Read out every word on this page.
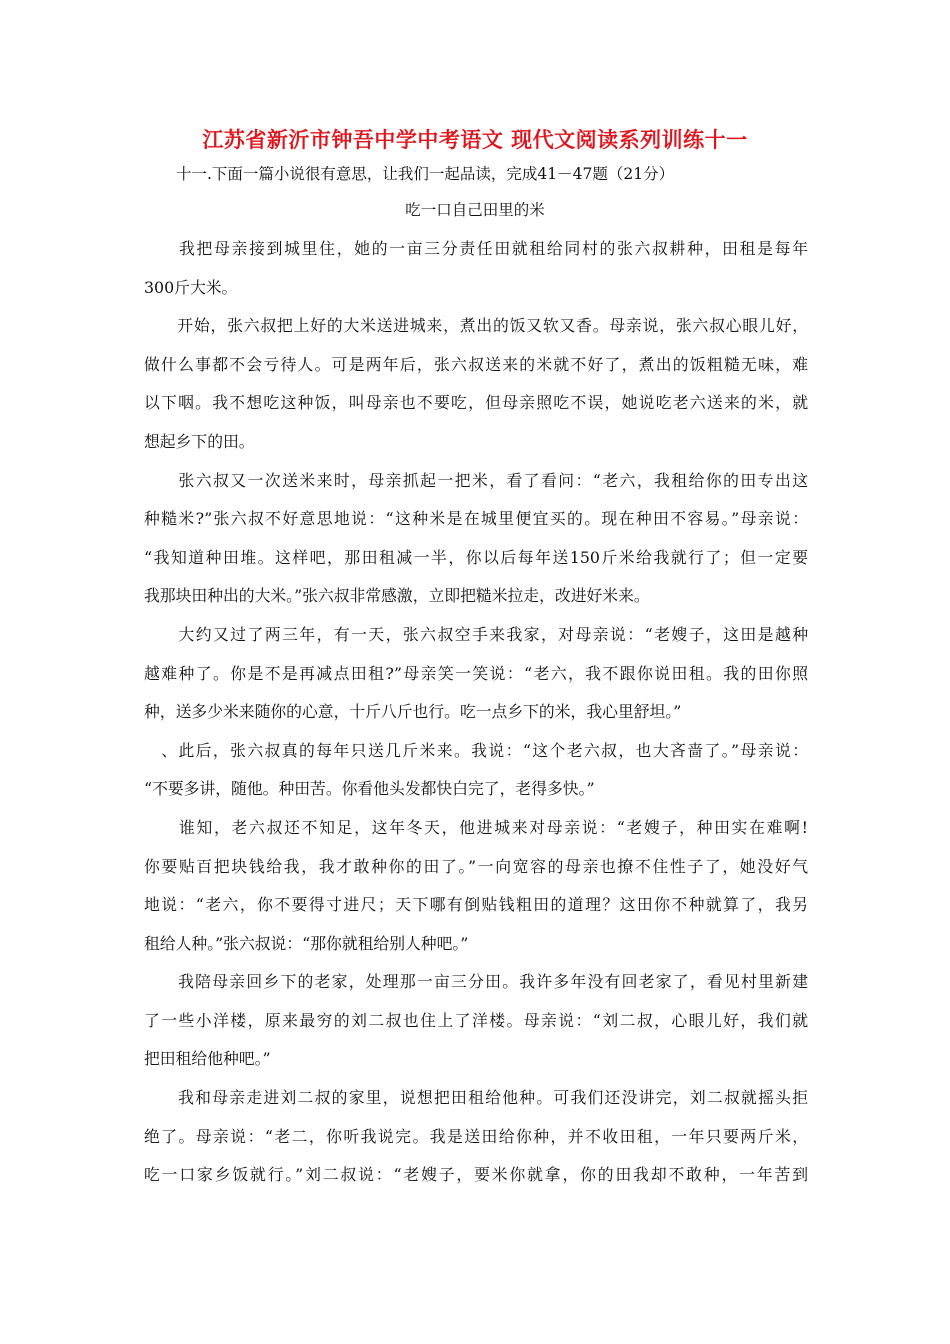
江苏省新沂市钟吾中学中考语文 现代文阅读系列训练十一
十一.下面一篇小说很有意思，让我们一起品读，完成41－47题（21分）
吃一口自己田里的米
　　我把母亲接到城里住，她的一亩三分责任田就租给同村的张六叔耕种，田租是每年
300斤大米。
　　开始，张六叔把上好的大米送进城来，煮出的饭又软又香。母亲说，张六叔心眼儿好，
做什么事都不会亏待人。可是两年后，张六叔送来的米就不好了，煮出的饭粗糙无味，难
以下咽。我不想吃这种饭，叫母亲也不要吃，但母亲照吃不误，她说吃老六送来的米，就
想起乡下的田。
　　张六叔又一次送米来时，母亲抓起一把米，看了看问：“老六，我租给你的田专出这
种糙米?”张六叔不好意思地说：“这种米是在城里便宜买的。现在种田不容易。”母亲说：
“我知道种田堆。这样吧，那田租减一半，你以后每年送150斤米给我就行了；但一定要
我那块田种出的大米。”张六叔非常感激，立即把糙米拉走，改进好米来。
　　大约又过了两三年，有一天，张六叔空手来我家，对母亲说：“老嫂子，这田是越种
越难种了。你是不是再减点田租?”母亲笑一笑说：“老六，我不跟你说田租。我的田你照
种，送多少米来随你的心意，十斤八斤也行。吃一点乡下的米，我心里舒坦。”
　、此后，张六叔真的每年只送几斤米来。我说：“这个老六叔，也大吝啬了。”母亲说：
“不要多讲，随他。种田苦。你看他头发都快白完了，老得多快。”
　　谁知，老六叔还不知足，这年冬天，他进城来对母亲说：“老嫂子，种田实在难啊!
你要贴百把块钱给我，我才敢种你的田了。”一向宽容的母亲也撩不住性子了，她没好气
地说：“老六，你不要得寸进尺；天下哪有倒贴钱粗田的道理？这田你不种就算了，我另
租给人种。”张六叔说：“那你就租给别人种吧。”
　　我陪母亲回乡下的老家，处理那一亩三分田。我许多年没有回老家了，看见村里新建
了一些小洋楼，原来最穷的刘二叔也住上了洋楼。母亲说：“刘二叔，心眼儿好，我们就
把田租给他种吧。”
　　我和母亲走进刘二叔的家里，说想把田租给他种。可我们还没讲完，刘二叔就摇头拒
绝了。母亲说：“老二，你听我说完。我是送田给你种，并不收田租，一年只要两斤米，
吃一口家乡饭就行。”刘二叔说：“老嫂子，要米你就拿，你的田我却不敢种，一年苦到
